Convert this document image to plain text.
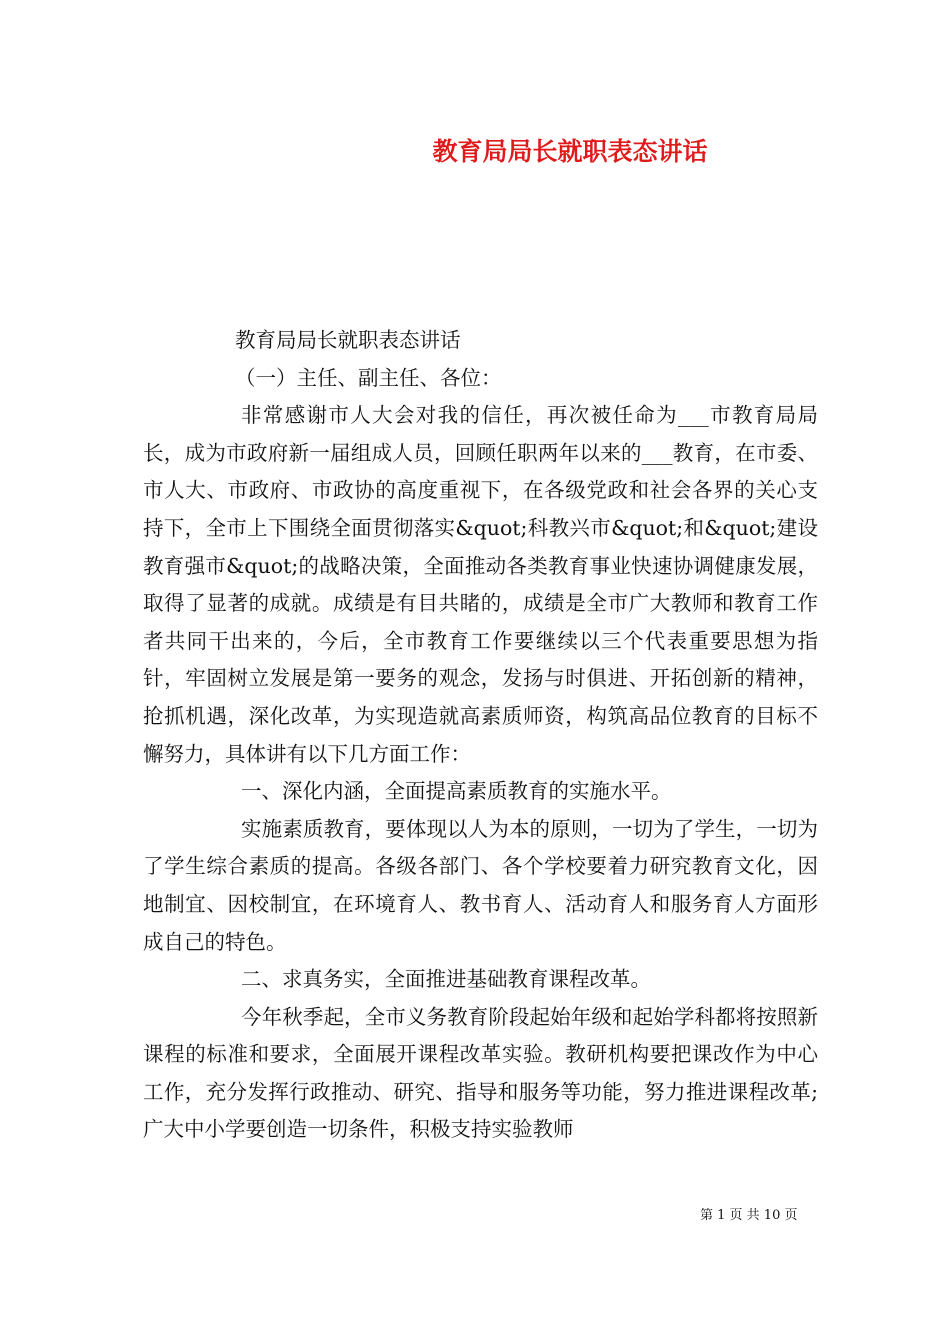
教育局局长就职表态讲话

教育局局长就职表态讲话

（一）主任、副主任、各位：

非常感谢市人大会对我的信任，再次被任命为___市教育局局长，成为市政府新一届组成人员，回顾任职两年以来的___教育，在市委、市人大、市政府、市政协的高度重视下，在各级党政和社会各界的关心支持下，全市上下围绕全面贯彻落实&quot;科教兴市&quot;和&quot;建设教育强市&quot;的战略决策，全面推动各类教育事业快速协调健康发展，取得了显著的成就。成绩是有目共睹的，成绩是全市广大教师和教育工作者共同干出来的，今后，全市教育工作要继续以三个代表重要思想为指针，牢固树立发展是第一要务的观念，发扬与时俱进、开拓创新的精神，抢抓机遇，深化改革，为实现造就高素质师资，构筑高品位教育的目标不懈努力，具体讲有以下几方面工作：

一、深化内涵，全面提高素质教育的实施水平。

实施素质教育，要体现以人为本的原则，一切为了学生，一切为了学生综合素质的提高。各级各部门、各个学校要着力研究教育文化，因地制宜、因校制宜，在环境育人、教书育人、活动育人和服务育人方面形成自己的特色。

二、求真务实，全面推进基础教育课程改革。

今年秋季起，全市义务教育阶段起始年级和起始学科都将按照新课程的标准和要求，全面展开课程改革实验。教研机构要把课改作为中心工作，充分发挥行政推动、研究、指导和服务等功能，努力推进课程改革;广大中小学要创造一切条件，积极支持实验教师

第 1 页 共 10 页
